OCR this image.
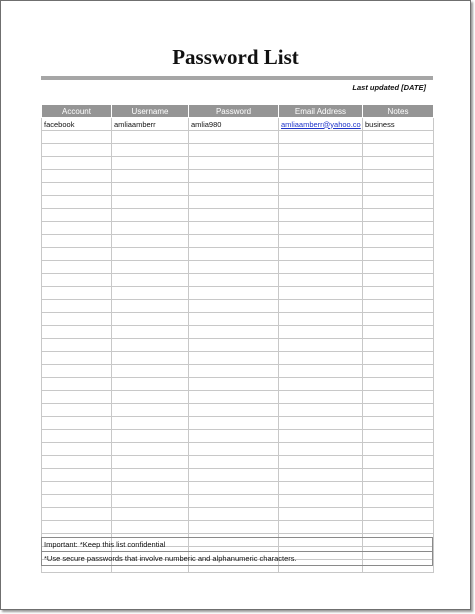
Password List
Last updated [DATE]
Account	Username	Password	Email Address	Notes
facebook	amliaamberr	amlia980	amliaamberr@yahoo.co	business

Important: *Keep this list confidential
*Use secure passwords that involve numberic and alphanumeric characters.
